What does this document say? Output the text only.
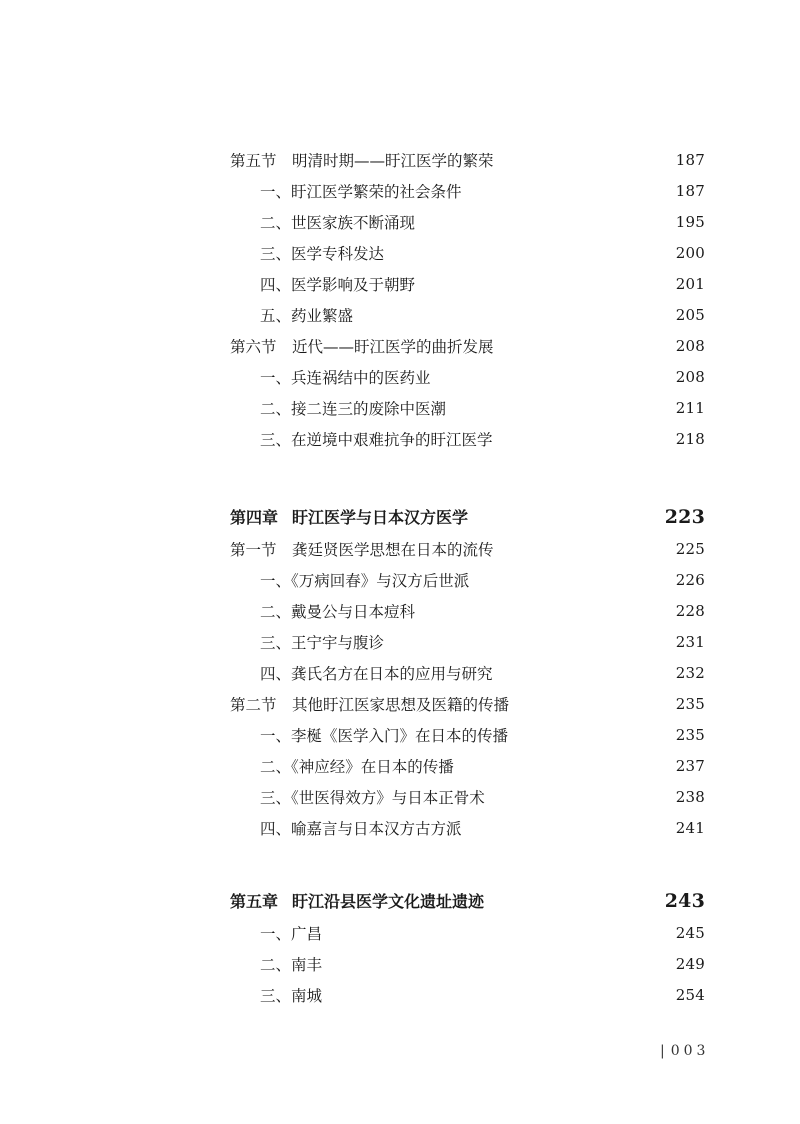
第五节 明清时期——盱江医学的繁荣	187
一、盱江医学繁荣的社会条件	187
二、世医家族不断涌现	195
三、医学专科发达	200
四、医学影响及于朝野	201
五、药业繁盛	205
第六节 近代——盱江医学的曲折发展	208
一、兵连祸结中的医药业	208
二、接二连三的废除中医潮	211
三、在逆境中艰难抗争的盱江医学	218
第四章 盱江医学与日本汉方医学	223
第一节 龚廷贤医学思想在日本的流传	225
一、《万病回春》与汉方后世派	226
二、戴曼公与日本痘科	228
三、王宁宇与腹诊	231
四、龚氏名方在日本的应用与研究	232
第二节 其他盱江医家思想及医籍的传播	235
一、李梴《医学入门》在日本的传播	235
二、《神应经》在日本的传播	237
三、《世医得效方》与日本正骨术	238
四、喻嘉言与日本汉方古方派	241
第五章 盱江沿县医学文化遗址遗迹	243
一、广昌	245
二、南丰	249
三、南城	254
|003
